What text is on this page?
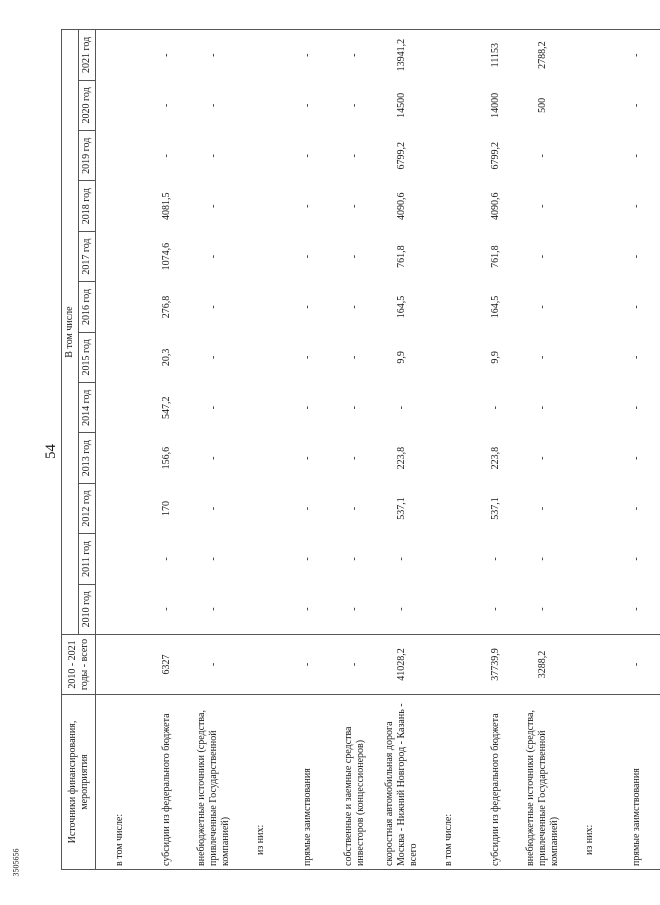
54
3505656
Источники финансирования, мероприятия	2010 - 2021 годы - всего	В том числе											
		2010 год	2011 год	2012 год	2013 год	2014 год	2015 год	2016 год	2017 год	2018 год	2019 год	2020 год	2021 год
в том числе:													
субсидии из федерального бюджета	6327	-	-	170	156,6	547,2	20,3	276,8	1074,6	4081,5	-	-	-
внебюджетные источники (средства, привлеченные Государственной компанией)	-	-	-	-	-	-	-	-	-	-	-	-	-
из них:													
прямые заимствования	-	-	-	-	-	-	-	-	-	-	-	-	-
собственные и заемные средства инвесторов (концессионеров)	-	-	-	-	-	-	-	-	-	-	-	-	-
скоростная автомобильная дорога Москва - Нижний Новгород - Казань - всего	41028,2	-	-	537,1	223,8	-	9,9	164,5	761,8	4090,6	6799,2	14500	13941,2
в том числе:													
субсидии из федерального бюджета	37739,9	-	-	537,1	223,8	-	9,9	164,5	761,8	4090,6	6799,2	14000	11153
внебюджетные источники (средства, привлеченные Государственной компанией)	3288,2	-	-	-	-	-	-	-	-	-	-	500	2788,2
из них:													
прямые заимствования	-	-	-	-	-	-	-	-	-	-	-	-	-
